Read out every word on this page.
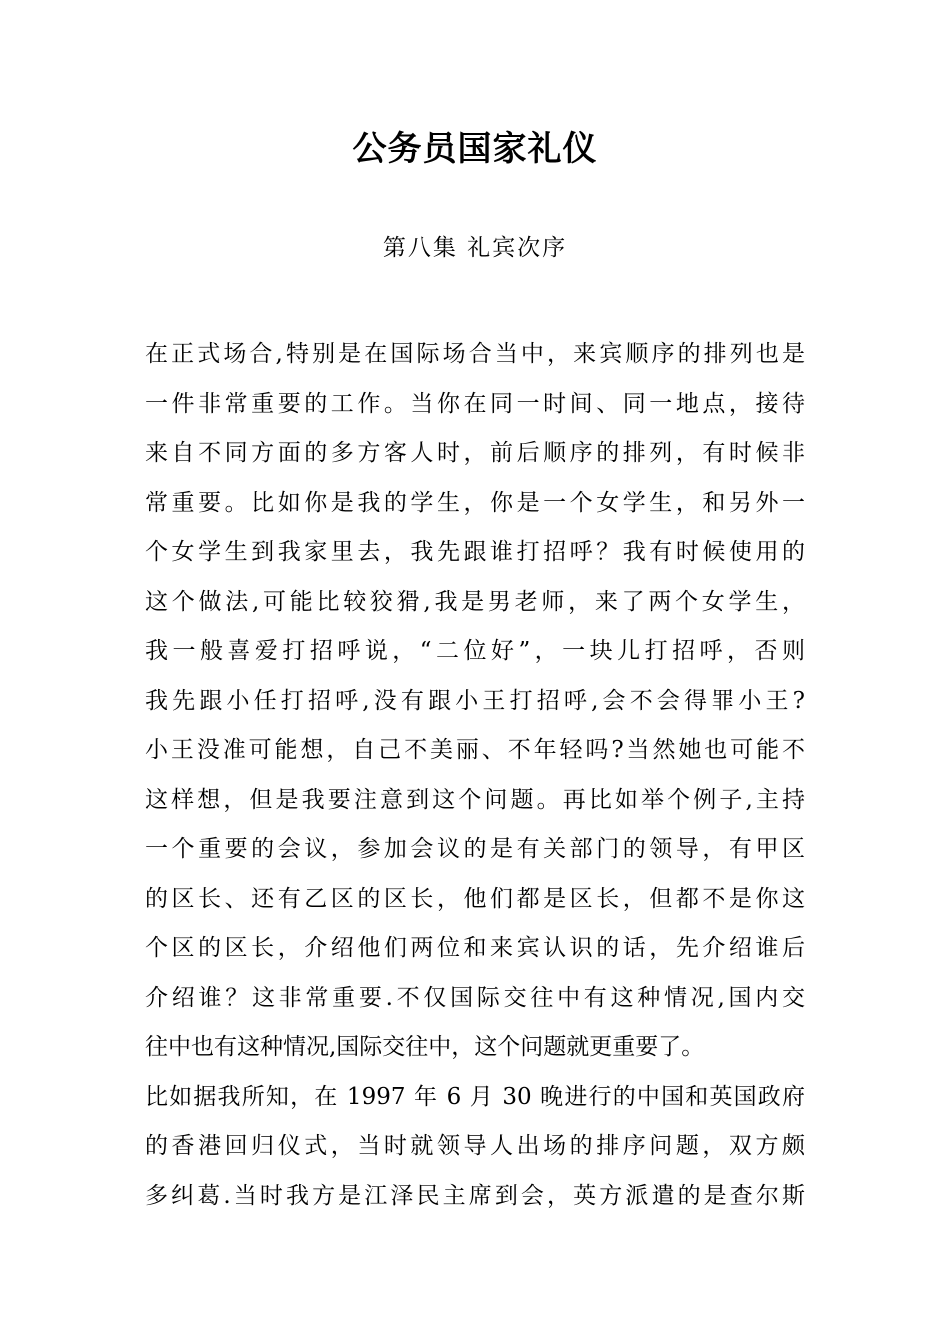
公务员国家礼仪
第八集 礼宾次序
在正式场合,特别是在国际场合当中，来宾顺序的排列也是
一件非常重要的工作。当你在同一时间、同一地点，接待
来自不同方面的多方客人时，前后顺序的排列，有时候非
常重要。比如你是我的学生，你是一个女学生，和另外一
个女学生到我家里去，我先跟谁打招呼？我有时候使用的
这个做法,可能比较狡猾,我是男老师，来了两个女学生，
我一般喜爱打招呼说，“二位好”，一块儿打招呼，否则
我先跟小任打招呼,没有跟小王打招呼,会不会得罪小王?
小王没准可能想，自己不美丽、不年轻吗?当然她也可能不
这样想，但是我要注意到这个问题。再比如举个例子,主持
一个重要的会议，参加会议的是有关部门的领导，有甲区
的区长、还有乙区的区长，他们都是区长，但都不是你这
个区的区长，介绍他们两位和来宾认识的话，先介绍谁后
介绍谁？这非常重要.不仅国际交往中有这种情况,国内交
往中也有这种情况,国际交往中，这个问题就更重要了。
比如据我所知，在 1997 年 6 月 30 晚进行的中国和英国政府
的香港回归仪式，当时就领导人出场的排序问题，双方颇
多纠葛.当时我方是江泽民主席到会，英方派遣的是查尔斯
